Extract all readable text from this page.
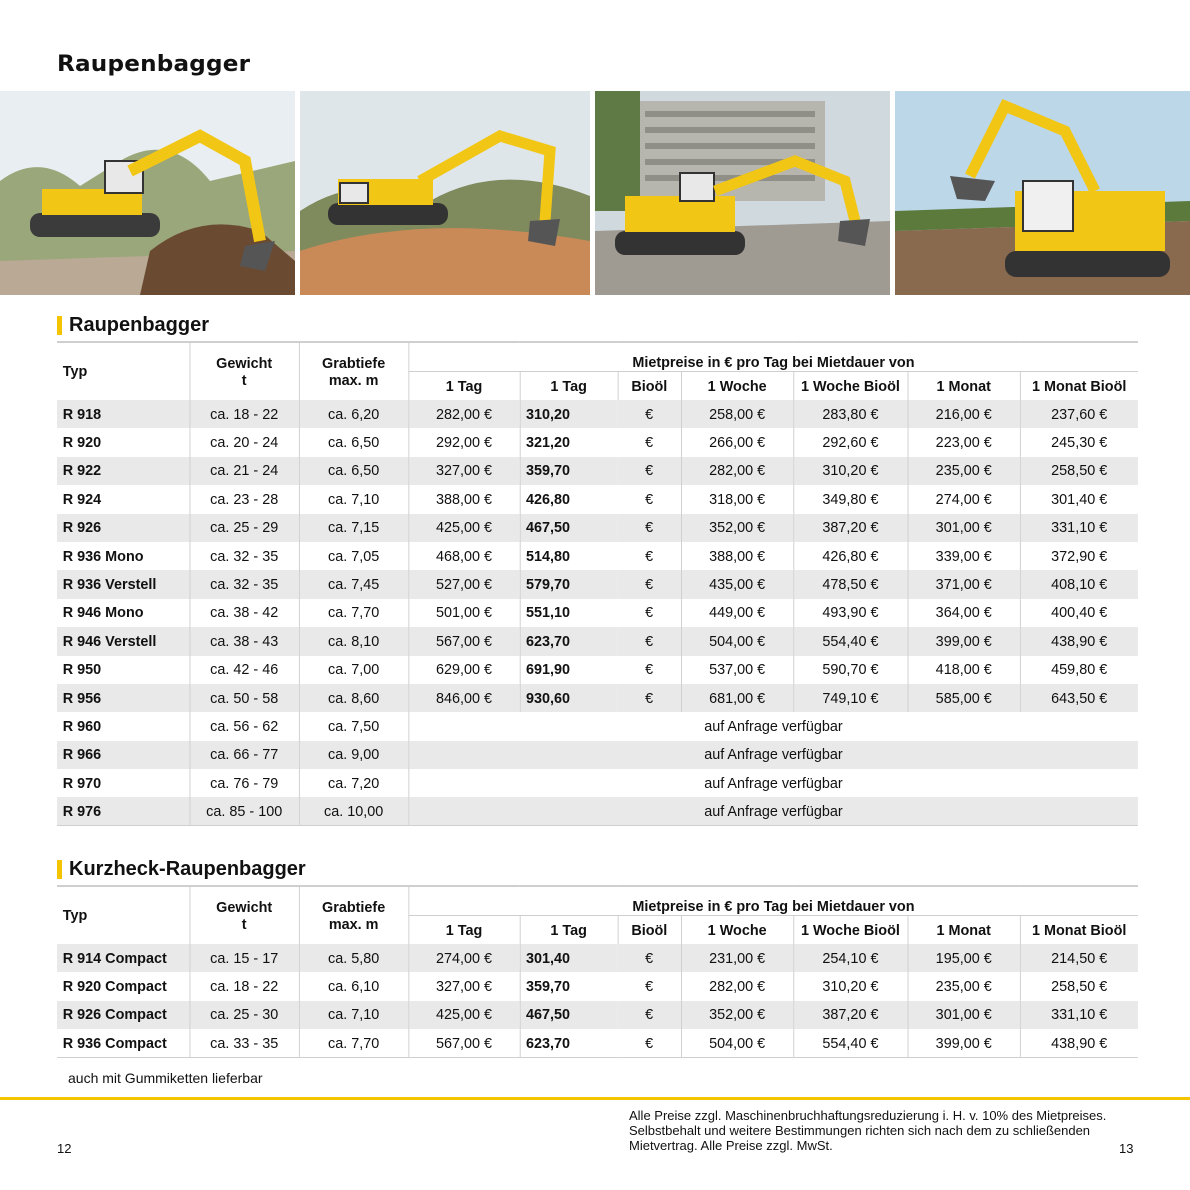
Raupenbagger
Raupenbagger
Typ	Gewicht	Grabtiefe	Mietpreise in € pro Tag bei Mietdauer von						
	t	max. m	1 Tag	1 Tag	Bioöl	1 Woche	1 Woche Bioöl	1 Monat	1 Monat Bioöl
R 918	ca. 18 - 22	ca. 6,20	282,00 €	310,20	€	258,00 €	283,80 €	216,00 €	237,60 €
R 920	ca. 20 - 24	ca. 6,50	292,00 €	321,20	€	266,00 €	292,60 €	223,00 €	245,30 €
R 922	ca. 21 - 24	ca. 6,50	327,00 €	359,70	€	282,00 €	310,20 €	235,00 €	258,50 €
R 924	ca. 23 - 28	ca. 7,10	388,00 €	426,80	€	318,00 €	349,80 €	274,00 €	301,40 €
R 926	ca. 25 - 29	ca. 7,15	425,00 €	467,50	€	352,00 €	387,20 €	301,00 €	331,10 €
R 936 Mono	ca. 32 - 35	ca. 7,05	468,00 €	514,80	€	388,00 €	426,80 €	339,00 €	372,90 €
R 936 Verstell	ca. 32 - 35	ca. 7,45	527,00 €	579,70	€	435,00 €	478,50 €	371,00 €	408,10 €
R 946 Mono	ca. 38 - 42	ca. 7,70	501,00 €	551,10	€	449,00 €	493,90 €	364,00 €	400,40 €
R 946 Verstell	ca. 38 - 43	ca. 8,10	567,00 €	623,70	€	504,00 €	554,40 €	399,00 €	438,90 €
R 950	ca. 42 - 46	ca. 7,00	629,00 €	691,90	€	537,00 €	590,70 €	418,00 €	459,80 €
R 956	ca. 50 - 58	ca. 8,60	846,00 €	930,60	€	681,00 €	749,10 €	585,00 €	643,50 €
R 960	ca. 56 - 62	ca. 7,50	auf Anfrage verfügbar						
R 966	ca. 66 - 77	ca. 9,00	auf Anfrage verfügbar						
R 970	ca. 76 - 79	ca. 7,20	auf Anfrage verfügbar						
R 976	ca. 85 - 100	ca. 10,00	auf Anfrage verfügbar						
Kurzheck-Raupenbagger
Typ	Gewicht	Grabtiefe	Mietpreise in € pro Tag bei Mietdauer von						
	t	max. m	1 Tag	1 Tag	Bioöl	1 Woche	1 Woche Bioöl	1 Monat	1 Monat Bioöl
R 914 Compact	ca. 15 - 17	ca. 5,80	274,00 €	301,40	€	231,00 €	254,10 €	195,00 €	214,50 €
R 920 Compact	ca. 18 - 22	ca. 6,10	327,00 €	359,70	€	282,00 €	310,20 €	235,00 €	258,50 €
R 926 Compact	ca. 25 - 30	ca. 7,10	425,00 €	467,50	€	352,00 €	387,20 €	301,00 €	331,10 €
R 936 Compact	ca. 33 - 35	ca. 7,70	567,00 €	623,70	€	504,00 €	554,40 €	399,00 €	438,90 €
auch mit Gummiketten lieferbar
Alle Preise zzgl. Maschinenbruchhaftungsreduzierung i. H. v. 10% des Mietpreises. Selbstbehalt und weitere Bestimmungen richten sich nach dem zu schließenden Mietvertrag. Alle Preise zzgl. MwSt.
12	13
